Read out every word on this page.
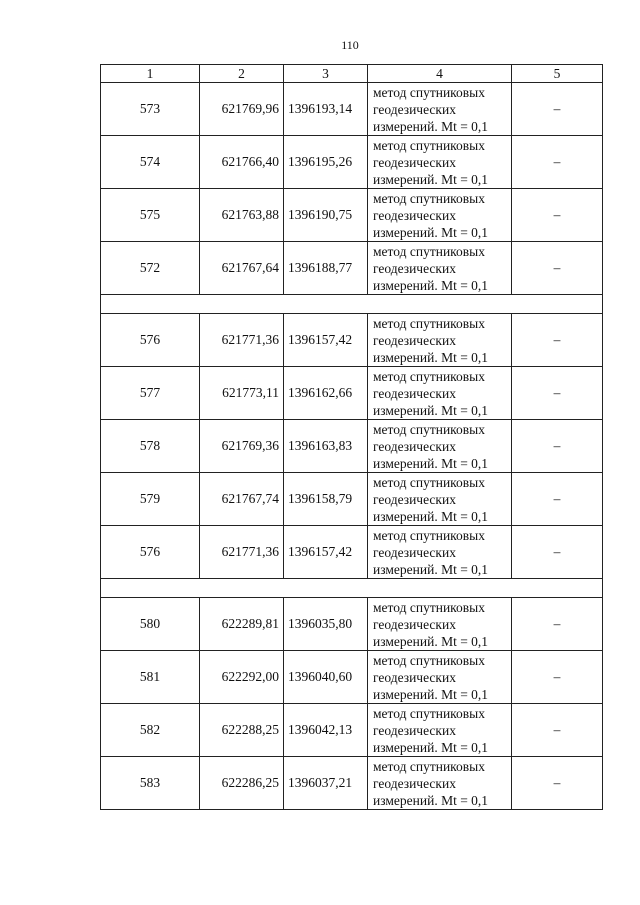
110
1	2	3	4	5
573	621769,96	1396193,14	метод спутниковых
геодезических
измерений. Mt = 0,1	–
574	621766,40	1396195,26	метод спутниковых
геодезических
измерений. Mt = 0,1	–
575	621763,88	1396190,75	метод спутниковых
геодезических
измерений. Mt = 0,1	–
572	621767,64	1396188,77	метод спутниковых
геодезических
измерений. Mt = 0,1	–

576	621771,36	1396157,42	метод спутниковых
геодезических
измерений. Mt = 0,1	–
577	621773,11	1396162,66	метод спутниковых
геодезических
измерений. Mt = 0,1	–
578	621769,36	1396163,83	метод спутниковых
геодезических
измерений. Mt = 0,1	–
579	621767,74	1396158,79	метод спутниковых
геодезических
измерений. Mt = 0,1	–
576	621771,36	1396157,42	метод спутниковых
геодезических
измерений. Mt = 0,1	–

580	622289,81	1396035,80	метод спутниковых
геодезических
измерений. Mt = 0,1	–
581	622292,00	1396040,60	метод спутниковых
геодезических
измерений. Mt = 0,1	–
582	622288,25	1396042,13	метод спутниковых
геодезических
измерений. Mt = 0,1	–
583	622286,25	1396037,21	метод спутниковых
геодезических
измерений. Mt = 0,1	–
